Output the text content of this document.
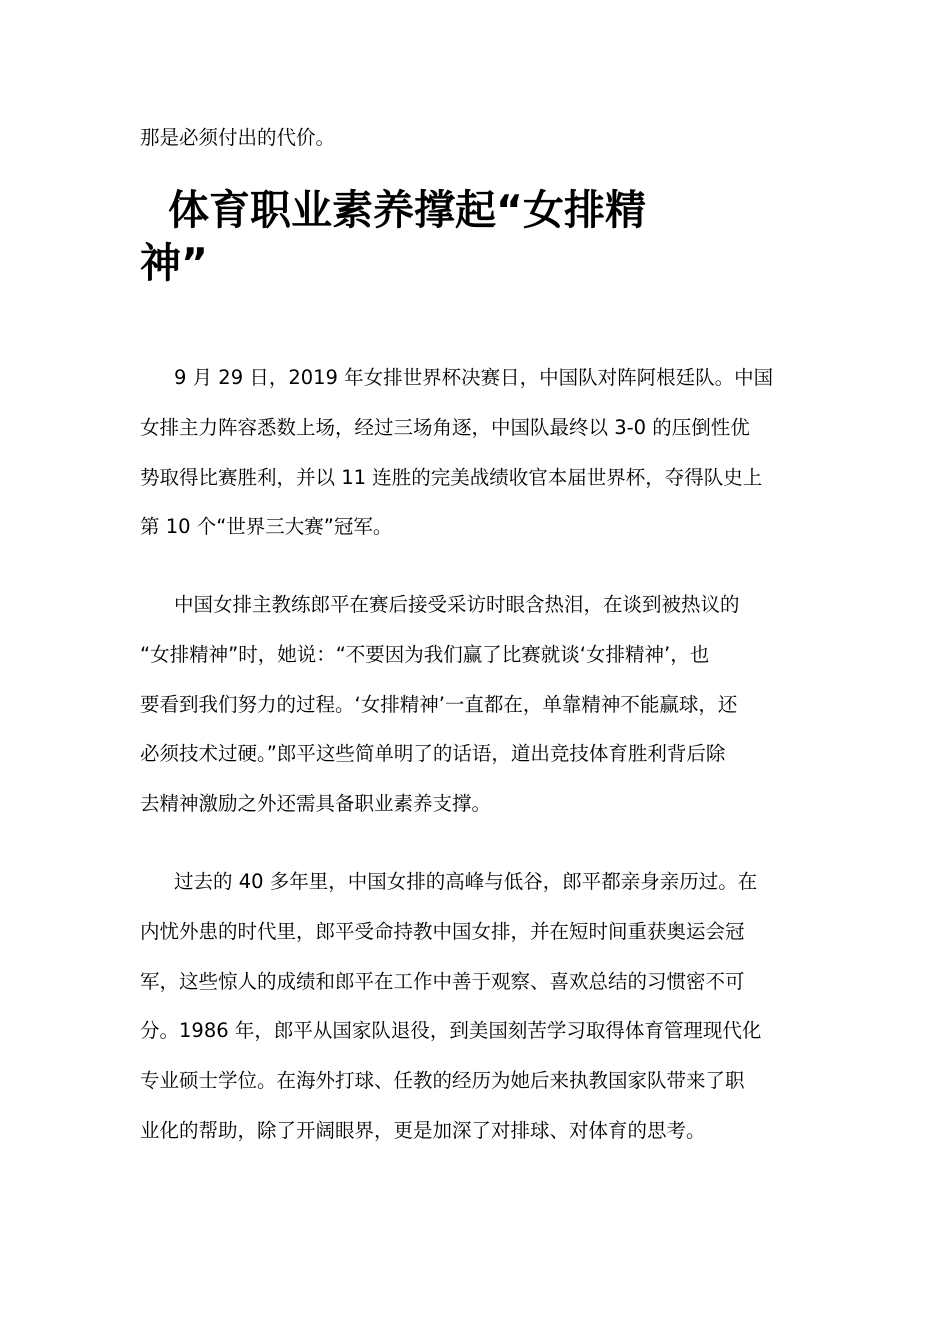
那是必须付出的代价。
体育职业素养撑起“女排精
神”
9 月 29 日，2019 年女排世界杯决赛日，中国队对阵阿根廷队。中国
女排主力阵容悉数上场，经过三场角逐，中国队最终以 3-0 的压倒性优
势取得比赛胜利，并以 11 连胜的完美战绩收官本届世界杯，夺得队史上
第 10 个“世界三大赛”冠军。
中国女排主教练郎平在赛后接受采访时眼含热泪，在谈到被热议的
“女排精神”时，她说：“不要因为我们赢了比赛就谈‘女排精神’，也
要看到我们努力的过程。‘女排精神’一直都在，单靠精神不能赢球，还
必须技术过硬。”郎平这些简单明了的话语，道出竞技体育胜利背后除
去精神激励之外还需具备职业素养支撑。
过去的 40 多年里，中国女排的高峰与低谷，郎平都亲身亲历过。在
内忧外患的时代里，郎平受命持教中国女排，并在短时间重获奥运会冠
军，这些惊人的成绩和郎平在工作中善于观察、喜欢总结的习惯密不可
分。1986 年，郎平从国家队退役，到美国刻苦学习取得体育管理现代化
专业硕士学位。在海外打球、任教的经历为她后来执教国家队带来了职
业化的帮助，除了开阔眼界，更是加深了对排球、对体育的思考。
